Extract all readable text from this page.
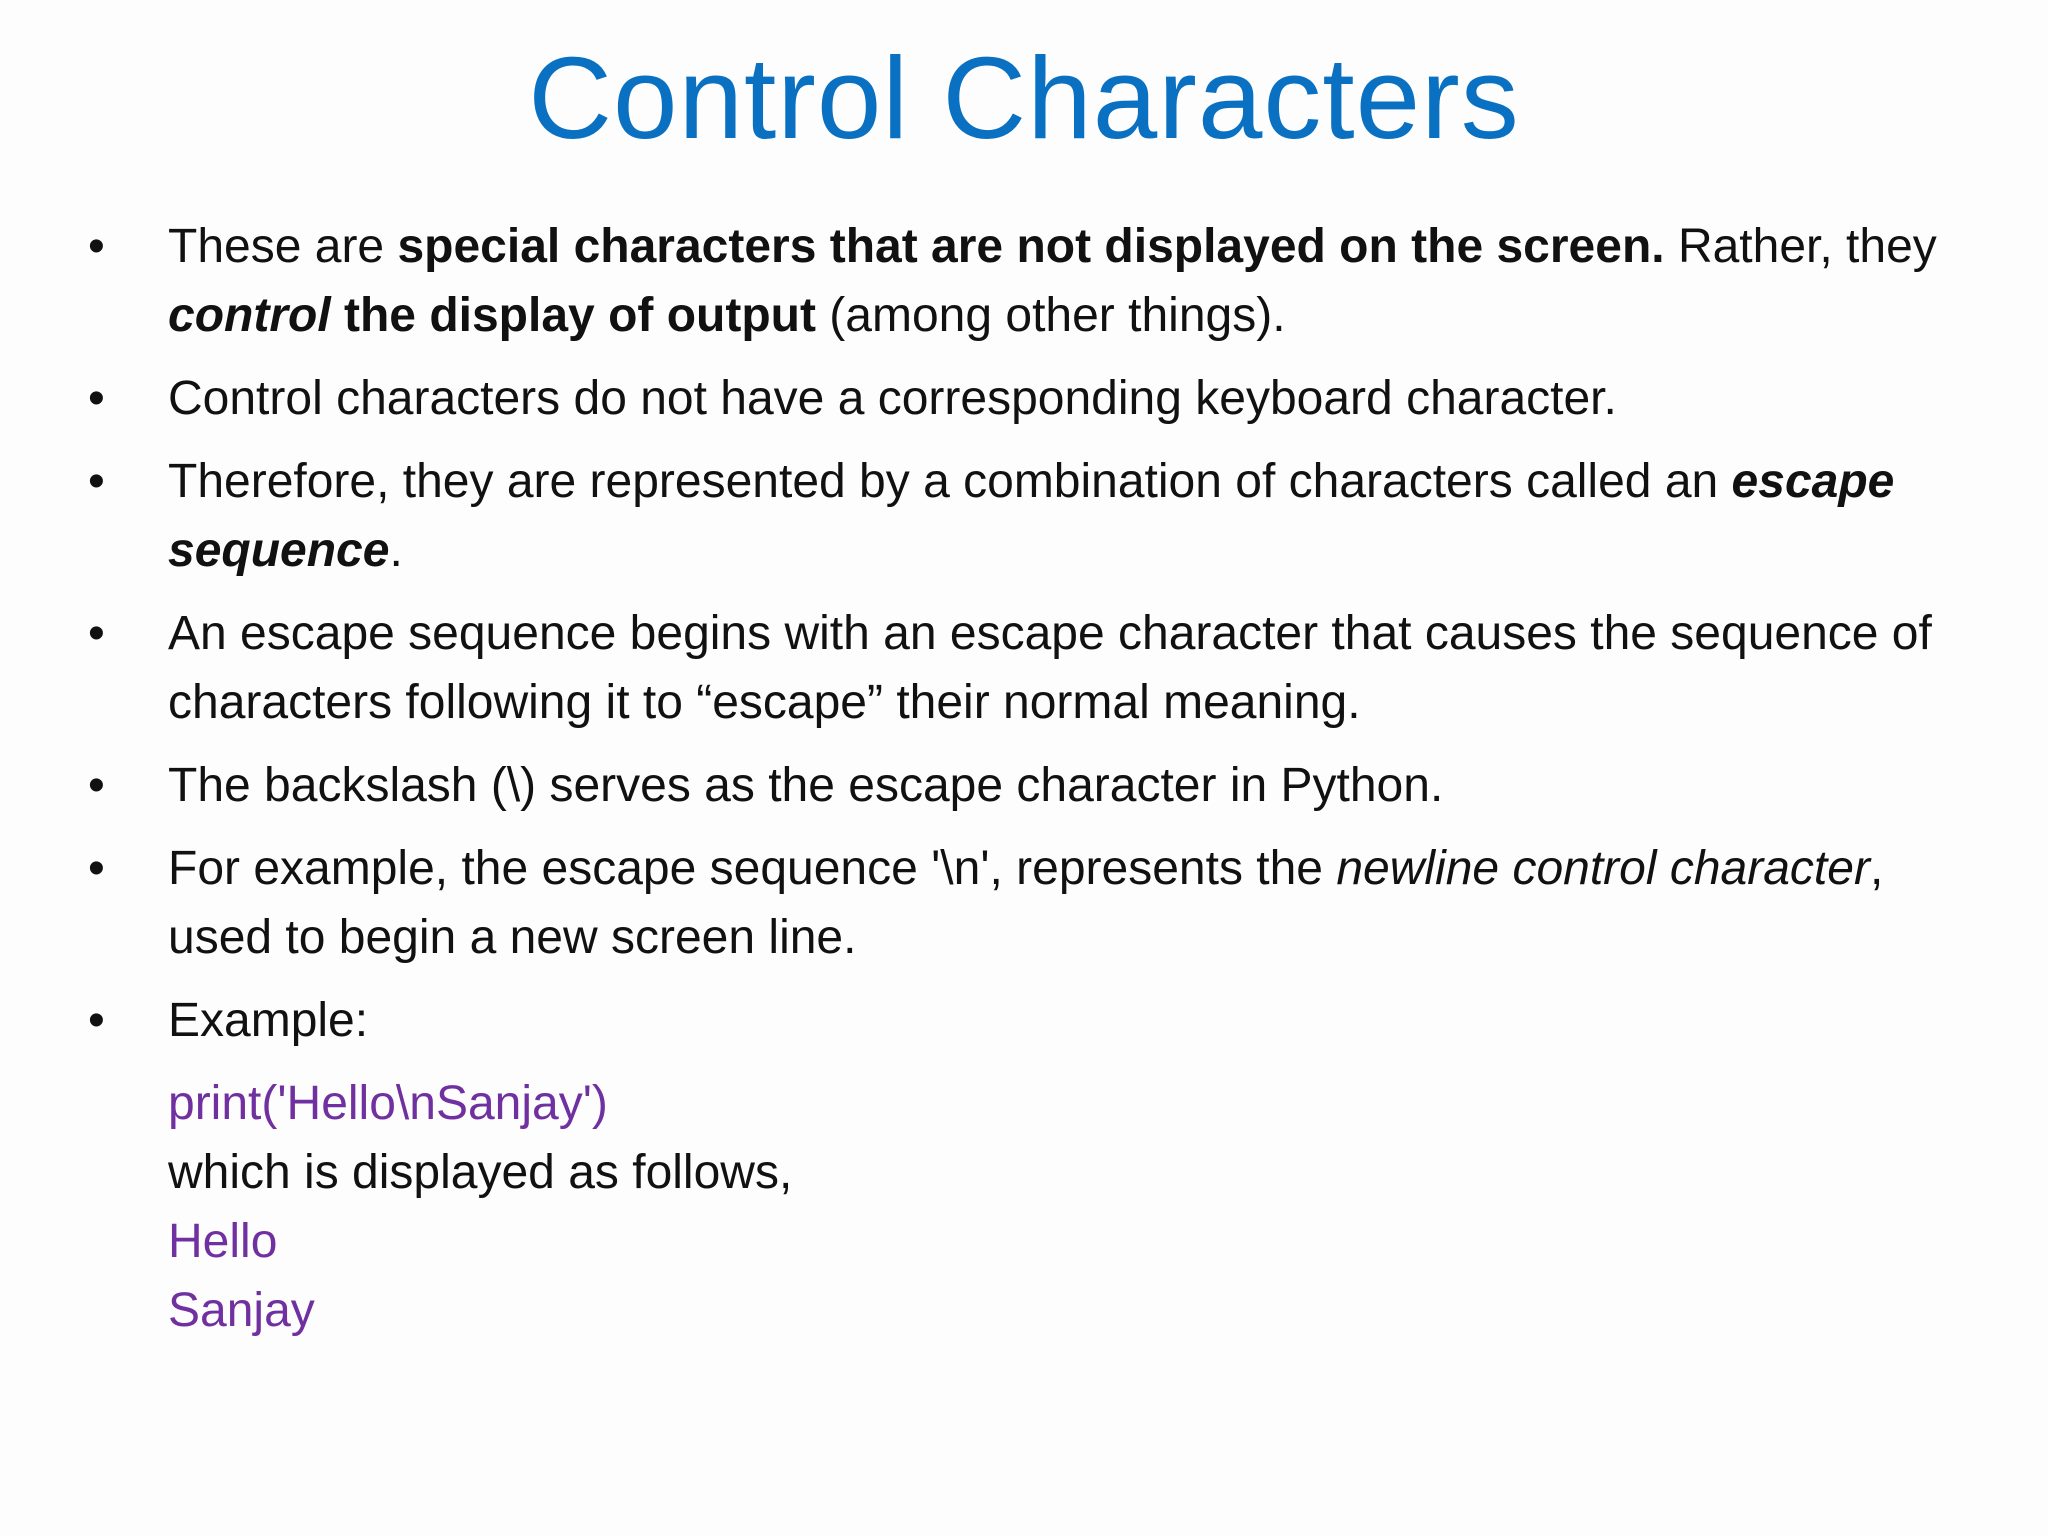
Control Characters
•	These are special characters that are not displayed on the screen. Rather, they control the display of output (among other things).
•	Control characters do not have a corresponding keyboard character.
•	Therefore, they are represented by a combination of characters called an escape sequence.
•	An escape sequence begins with an escape character that causes the sequence of characters following it to “escape” their normal meaning.
•	The backslash (\) serves as the escape character in Python.
•	For example, the escape sequence '\n', represents the newline control character, used to begin a new screen line.
•	Example:
print('Hello\nSanjay')
which is displayed as follows,
Hello
Sanjay
